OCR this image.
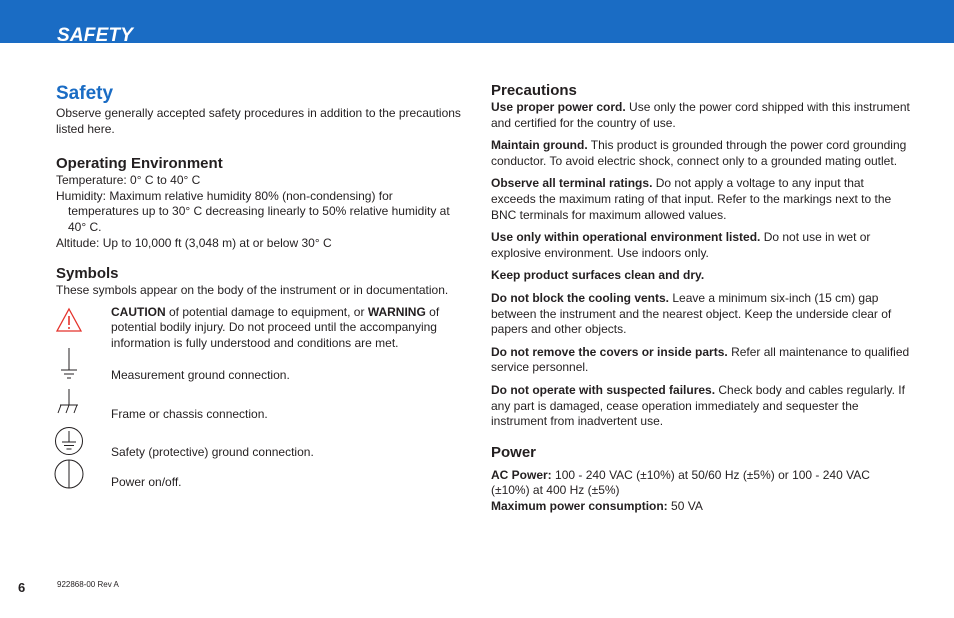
SAFETY
Safety

Observe generally accepted safety procedures in addition to the precautions listed here.

Operating Environment

Temperature: 0° C to 40° C

Humidity: Maximum relative humidity 80% (non-condensing) for temperatures up to 30° C decreasing linearly to 50% relative humidity at 40° C.

Altitude: Up to 10,000 ft (3,048 m) at or below 30° C

Symbols

These symbols appear on the body of the instrument or in documentation.

CAUTION of potential damage to equipment, or WARNING of potential bodily injury. Do not proceed until the accompanying information is fully understood and conditions are met.
Measurement ground connection.
Frame or chassis connection.
Safety (protective) ground connection.
Power on/off.
Precautions

Use proper power cord. Use only the power cord shipped with this instrument and certified for the country of use.

Maintain ground. This product is grounded through the power cord grounding conductor. To avoid electric shock, connect only to a grounded mating outlet.

Observe all terminal ratings. Do not apply a voltage to any input that exceeds the maximum rating of that input. Refer to the markings next to the BNC terminals for maximum allowed values.

Use only within operational environment listed. Do not use in wet or explosive environment. Use indoors only.

Keep product surfaces clean and dry.

Do not block the cooling vents. Leave a minimum six-inch (15 cm) gap between the instrument and the nearest object. Keep the underside clear of papers and other objects.

Do not remove the covers or inside parts. Refer all maintenance to qualified service personnel.

Do not operate with suspected failures. Check body and cables regularly. If any part is damaged, cease operation immediately and sequester the instrument from inadvertent use.

Power

AC Power: 100 - 240 VAC (±10%) at 50/60 Hz (±5%) or 100 - 240 VAC (±10%) at 400 Hz (±5%)

Maximum power consumption: 50 VA

6	922868-00 Rev A
